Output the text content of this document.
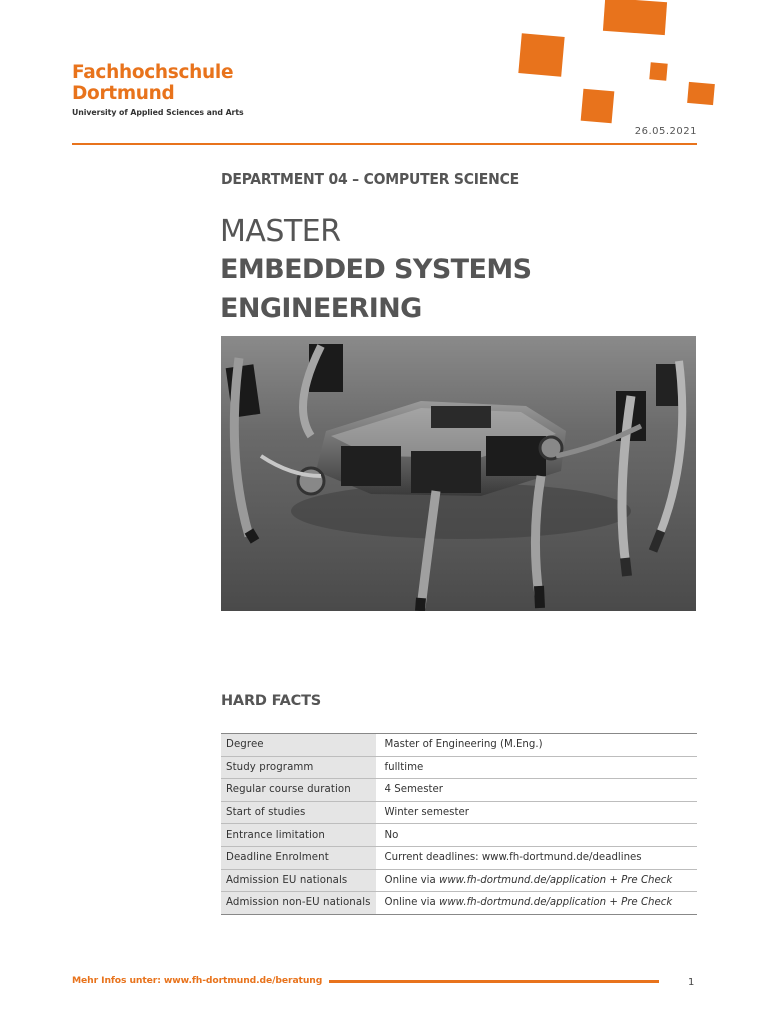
Fachhochschule
Dortmund
University of Applied Sciences and Arts
26.05.2021
DEPARTMENT 04 – COMPUTER SCIENCE
MASTER
EMBEDDED SYSTEMS
ENGINEERING
HARD FACTS
Degree	Master of Engineering (M.Eng.)
Study programm	fulltime
Regular course duration	4 Semester
Start of studies	Winter semester
Entrance limitation	No
Deadline Enrolment	Current deadlines: www.fh-dortmund.de/deadlines
Admission EU nationals	Online via www.fh-dortmund.de/application + Pre Check
Admission non-EU nationals	Online via www.fh-dortmund.de/application + Pre Check
Mehr Infos unter: www.fh-dortmund.de/beratung	1
